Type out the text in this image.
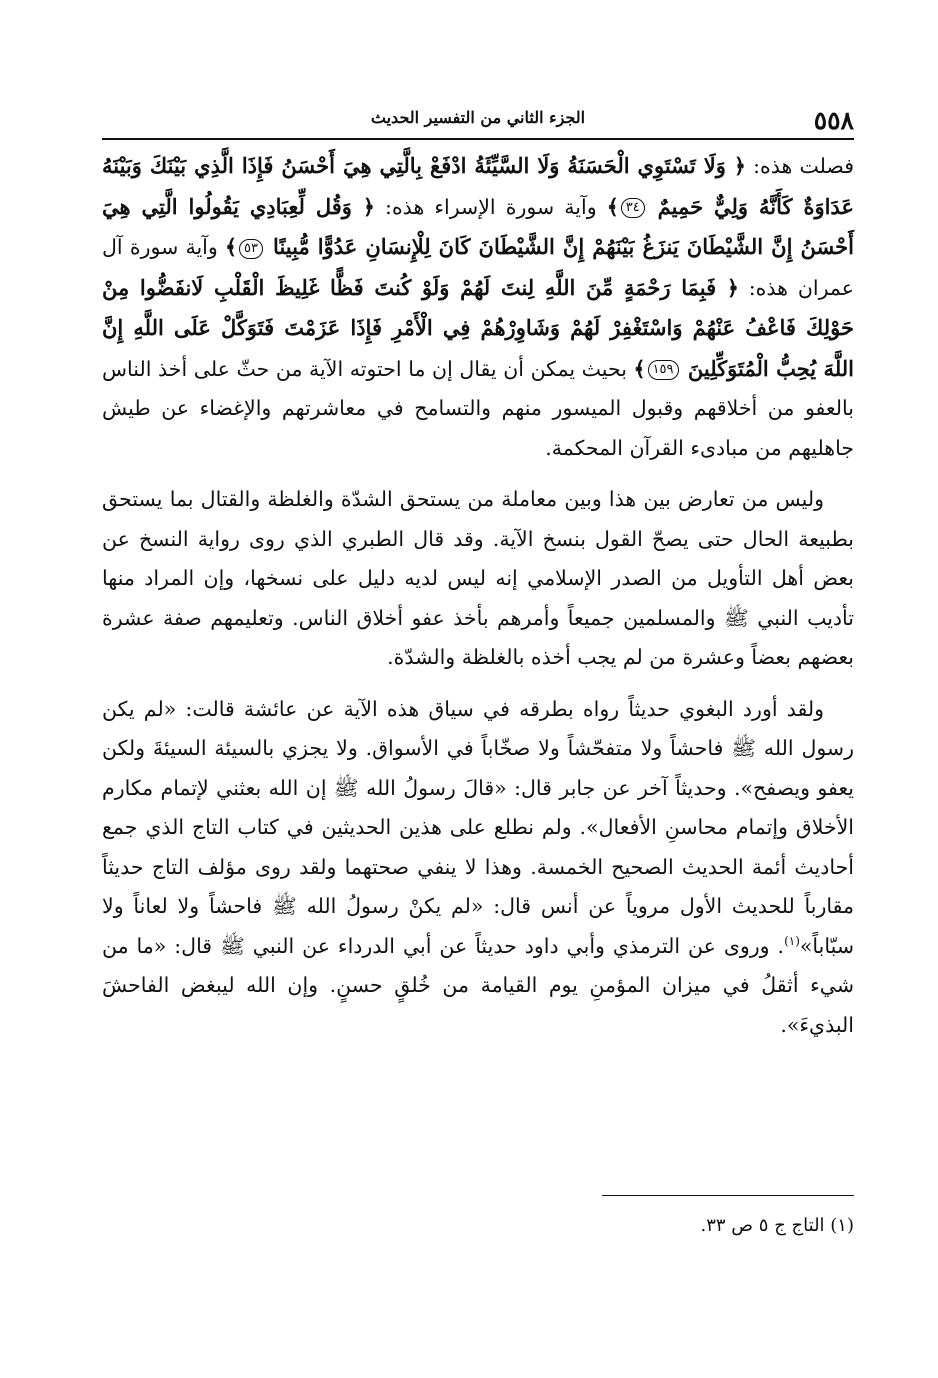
٥٥٨
الجزء الثاني من التفسير الحديث

فصلت هذه: ﴿ وَلَا تَسْتَوِي الْحَسَنَةُ وَلَا السَّيِّئَةُ ادْفَعْ بِالَّتِي هِيَ أَحْسَنُ فَإِذَا الَّذِي بَيْنَكَ وَبَيْنَهُ عَدَاوَةٌ كَأَنَّهُ وَلِيٌّ حَمِيمٌ ٣٤﴾ وآية سورة الإسراء هذه: ﴿ وَقُل لِّعِبَادِي يَقُولُوا الَّتِي هِيَ أَحْسَنُ إِنَّ الشَّيْطَانَ يَنزَغُ بَيْنَهُمْ إِنَّ الشَّيْطَانَ كَانَ لِلْإِنسَانِ عَدُوًّا مُّبِينًا ٥٣﴾ وآية سورة آل عمران هذه: ﴿ فَبِمَا رَحْمَةٍ مِّنَ اللَّهِ لِنتَ لَهُمْ وَلَوْ كُنتَ فَظًّا غَلِيظَ الْقَلْبِ لَانفَضُّوا مِنْ حَوْلِكَ فَاعْفُ عَنْهُمْ وَاسْتَغْفِرْ لَهُمْ وَشَاوِرْهُمْ فِي الْأَمْرِ فَإِذَا عَزَمْتَ فَتَوَكَّلْ عَلَى اللَّهِ إِنَّ اللَّهَ يُحِبُّ الْمُتَوَكِّلِينَ ١٥٩﴾ بحيث يمكن أن يقال إن ما احتوته الآية من حثّ على أخذ الناس بالعفو من أخلاقهم وقبول الميسور منهم والتسامح في معاشرتهم والإغضاء عن طيش جاهليهم من مبادىء القرآن المحكمة.

وليس من تعارض بين هذا وبين معاملة من يستحق الشدّة والغلظة والقتال بما يستحق بطبيعة الحال حتى يصحّ القول بنسخ الآية. وقد قال الطبري الذي روى رواية النسخ عن بعض أهل التأويل من الصدر الإسلامي إنه ليس لديه دليل على نسخها، وإن المراد منها تأديب النبي ﷺ والمسلمين جميعاً وأمرهم بأخذ عفو أخلاق الناس. وتعليمهم صفة عشرة بعضهم بعضاً وعشرة من لم يجب أخذه بالغلظة والشدّة.

ولقد أورد البغوي حديثاً رواه بطرقه في سياق هذه الآية عن عائشة قالت: «لم يكن رسول الله ﷺ فاحشاً ولا متفحّشاً ولا صخّاباً في الأسواق. ولا يجزي بالسيئة السيئةَ ولكن يعفو ويصفح». وحديثاً آخر عن جابر قال: «قالَ رسولُ الله ﷺ إن الله بعثني لإتمام مكارم الأخلاق وإتمام محاسنِ الأفعال». ولم نطلع على هذين الحديثين في كتاب التاج الذي جمع أحاديث أئمة الحديث الصحيح الخمسة. وهذا لا ينفي صحتهما ولقد روى مؤلف التاج حديثاً مقارباً للحديث الأول مروياً عن أنس قال: «لم يكنْ رسولُ الله ﷺ فاحشاً ولا لعاناً ولا سبّاباً»$^{(١)}$. وروى عن الترمذي وأبي داود حديثاً عن أبي الدرداء عن النبي ﷺ قال: «ما من شيء أثقلُ في ميزان المؤمنِ يوم القيامة من خُلقٍ حسنٍ. وإن الله ليبغض الفاحشَ البذيءَ».

(١) التاج ج ٥ ص ٣٣.
